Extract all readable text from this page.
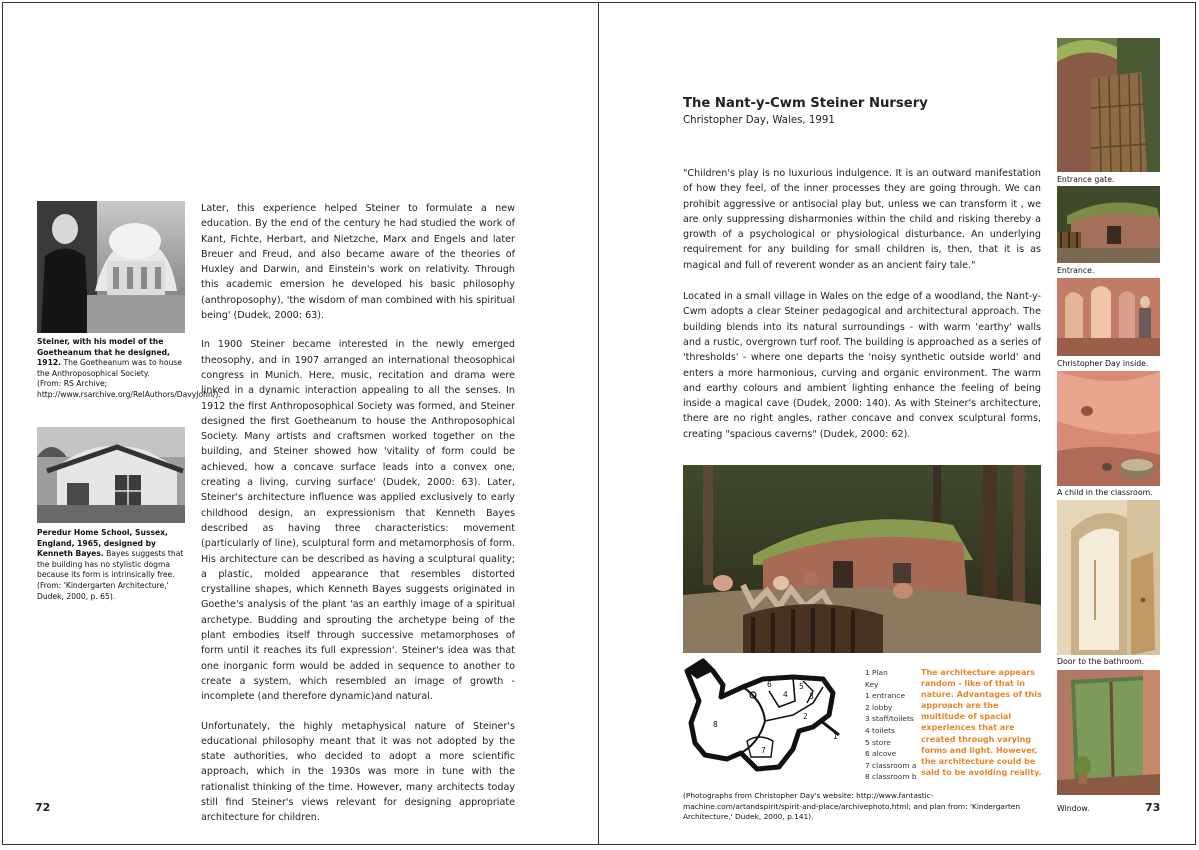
Steiner, with his model of the Goetheanum that he designed, 1912. The Goetheanum was to house the Anthroposophical Society.
(From: RS Archive; http://www.rsarchive.org/RelAuthors/DavyJohn/).
Peredur Home School, Sussex, England, 1965, designed by Kenneth Bayes. Bayes suggests that the building has no stylistic dogma because its form is intrinsically free.
(From: 'Kindergarten Architecture,' Dudek, 2000, p. 65).

Later, this experience helped Steiner to formulate a new education. By the end of the century he had studied the work of Kant, Fichte, Herbart, and Nietzche, Marx and Engels and later Breuer and Freud, and also became aware of the theories of Huxley and Darwin, and Einstein's work on relativity. Through this academic emersion he developed his basic philosophy (anthroposophy), 'the wisdom of man combined with his spiritual being' (Dudek, 2000: 63).

In 1900 Steiner became interested in the newly emerged theosophy, and in 1907 arranged an international theosophical congress in Munich. Here, music, recitation and drama were linked in a dynamic interaction appealing to all the senses. In 1912 the first Anthroposophical Society was formed, and Steiner designed the first Goetheanum to house the Anthroposophical Society. Many artists and craftsmen worked together on the building, and Steiner showed how 'vitality of form could be achieved, how a concave surface leads into a convex one, creating a living, curving surface' (Dudek, 2000: 63). Later, Steiner's architecture influence was applied exclusively to early childhood design, an expressionism that Kenneth Bayes described as having three characteristics: movement (particularly of line), sculptural form and metamorphosis of form. His architecture can be described as having a sculptural quality; a plastic, molded appearance that resembles distorted crystalline shapes, which Kenneth Bayes suggests originated in Goethe's analysis of the plant 'as an earthly image of a spiritual archetype. Budding and sprouting the archetype being of the plant embodies itself through successive metamorphoses of form until it reaches its full expression'. Steiner's idea was that one inorganic form would be added in sequence to another to create a system, which resembled an image of growth - incomplete (and therefore dynamic)and natural.

Unfortunately, the highly metaphysical nature of Steiner's educational philosophy meant that it was not adopted by the state authorities, who decided to adopt a more scientific approach, which in the 1930s was more in tune with the rationalist thinking of the time. However, many architects today still find Steiner's views relevant for designing appropriate architecture for children.

72
The Nant-y-Cwm Steiner Nursery
Christopher Day, Wales, 1991

"Children's play is no luxurious indulgence. It is an outward manifestation of how they feel, of the inner processes they are going through. We can prohibit aggressive or antisocial play but, unless we can transform it , we are only suppressing disharmonies within the child and risking thereby a growth of a psychological or physiological disturbance. An underlying requirement for any building for small children is, then, that it is as magical and full of reverent wonder as an ancient fairy tale."

Located in a small village in Wales on the edge of a woodland, the Nant-y-Cwm adopts a clear Steiner pedagogical and architectural approach. The building blends into its natural surroundings - with warm 'earthy' walls and a rustic, overgrown turf roof. The building is approached as a series of 'thresholds' - where one departs the 'noisy synthetic outside world' and enters a more harmonious, curving and organic environment. The warm and earthy colours and ambient lighting enhance the feeling of being inside a magical cave (Dudek, 2000: 140). As with Steiner's architecture, there are no right angles, rather concave and convex sculptural forms, creating "spacious caverns" (Dudek, 2000: 62).

1
2
3
4
5
6
7
8
1 Plan
Key
1 entrance
2 lobby
3 staff/toilets
4 toilets
5 store
6 alcove
7 classroom a
8 classroom b
The architecture appears random - like of that in nature. Advantages of this approach are the multitude of spacial experiences that are created through varying forms and light. However, the architecture could be said to be avoiding reality.
(Photographs from Christopher Day's website: http://www.fantastic-machine.com/artandspirit/spirit-and-place/archivephoto.html; and plan from: 'Kindergarten Architecture,' Dudek, 2000, p.141).
Entrance gate.
Entrance.
Christopher Day inside.
A child in the classroom.
Door to the bathroom.
Window.	73
